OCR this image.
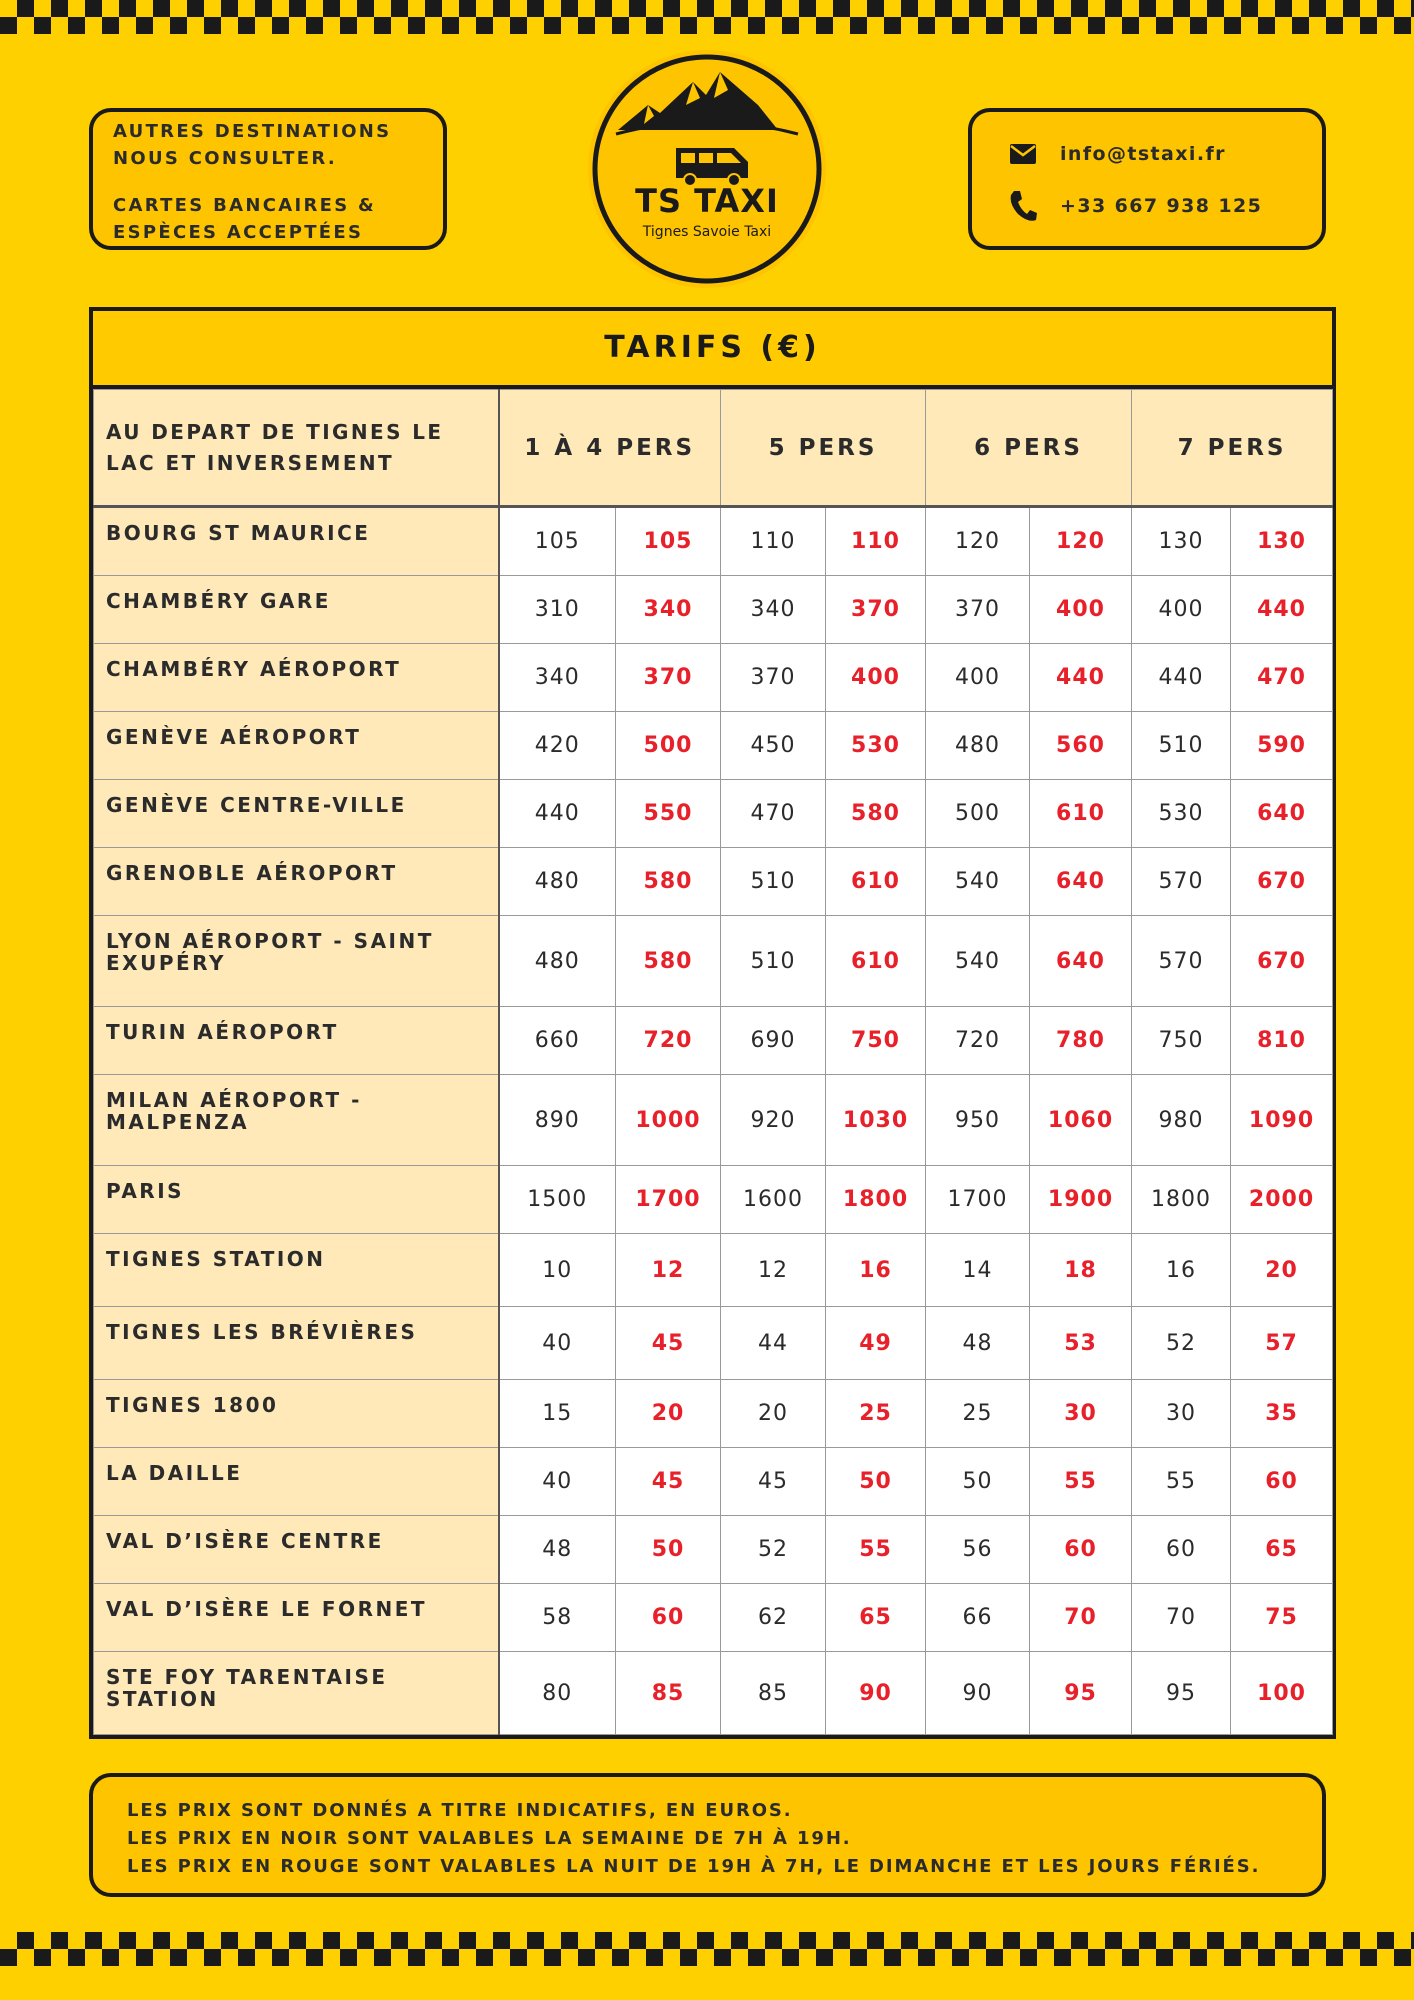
AUTRES DESTINATIONS
NOUS CONSULTER.
CARTES BANCAIRES &
ESPÈCES ACCEPTÉES
TS TAXI
Tignes Savoie Taxi
info@tstaxi.fr
+33 667 938 125
TARIFS (€)
AU DEPART DE TIGNES LE LAC ET INVERSEMENT	1 À 4 PERS		5 PERS		6 PERS		7 PERS	
BOURG ST MAURICE	105	105	110	110	120	120	130	130
CHAMBÉRY GARE	310	340	340	370	370	400	400	440
CHAMBÉRY AÉROPORT	340	370	370	400	400	440	440	470
GENÈVE AÉROPORT	420	500	450	530	480	560	510	590
GENÈVE CENTRE-VILLE	440	550	470	580	500	610	530	640
GRENOBLE AÉROPORT	480	580	510	610	540	640	570	670
LYON AÉROPORT - SAINT EXUPÉRY	480	580	510	610	540	640	570	670
TURIN AÉROPORT	660	720	690	750	720	780	750	810
MILAN AÉROPORT - MALPENZA	890	1000	920	1030	950	1060	980	1090
PARIS	1500	1700	1600	1800	1700	1900	1800	2000
TIGNES STATION	10	12	12	16	14	18	16	20
TIGNES LES BRÉVIÈRES	40	45	44	49	48	53	52	57
TIGNES 1800	15	20	20	25	25	30	30	35
LA DAILLE	40	45	45	50	50	55	55	60
VAL D’ISÈRE CENTRE	48	50	52	55	56	60	60	65
VAL D’ISÈRE LE FORNET	58	60	62	65	66	70	70	75
STE FOY TARENTAISE STATION	80	85	85	90	90	95	95	100
LES PRIX SONT DONNÉS A TITRE INDICATIFS, EN EUROS.
LES PRIX EN NOIR SONT VALABLES LA SEMAINE DE 7H À 19H.
LES PRIX EN ROUGE SONT VALABLES LA NUIT DE 19H À 7H, LE DIMANCHE ET LES JOURS FÉRIÉS.
